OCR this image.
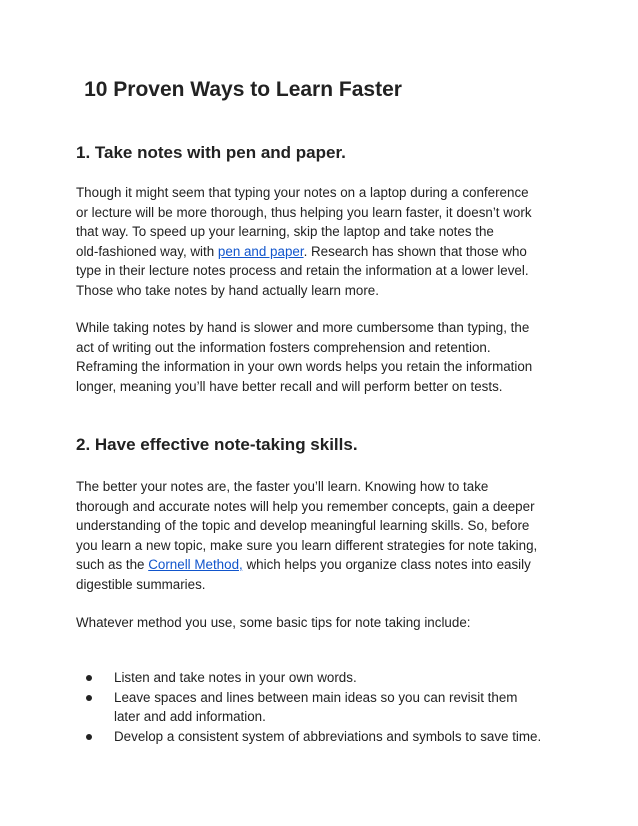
10 Proven Ways to Learn Faster
1. Take notes with pen and paper.

Though it might seem that typing your notes on a laptop during a conference
or lecture will be more thorough, thus helping you learn faster, it doesn’t work
that way. To speed up your learning, skip the laptop and take notes the
old-fashioned way, with pen and paper. Research has shown that those who
type in their lecture notes process and retain the information at a lower level.
Those who take notes by hand actually learn more.

While taking notes by hand is slower and more cumbersome than typing, the
act of writing out the information fosters comprehension and retention.
Reframing the information in your own words helps you retain the information
longer, meaning you’ll have better recall and will perform better on tests.

2. Have effective note-taking skills.

The better your notes are, the faster you’ll learn. Knowing how to take
thorough and accurate notes will help you remember concepts, gain a deeper
understanding of the topic and develop meaningful learning skills. So, before
you learn a new topic, make sure you learn different strategies for note taking,
such as the Cornell Method, which helps you organize class notes into easily
digestible summaries.

Whatever method you use, some basic tips for note taking include:

Listen and take notes in your own words.
Leave spaces and lines between main ideas so you can revisit them
later and add information.
Develop a consistent system of abbreviations and symbols to save time.
